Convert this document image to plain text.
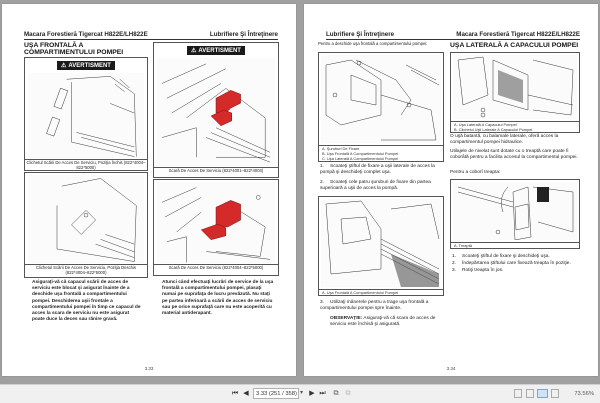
Macara Forestieră Tigercat H822E/LH822E	Lubrifiere Şi Întreţinere
UŞA FRONTALĂ A COMPARTIMENTULUI POMPEI
⚠ AVERTISMENT
Clichetul Scării De Acces De Serviciu, Poziţia Închis (822*4004–822*5000)
Clichetul Scării De Acces De Serviciu, Poziţia Deschis (822*4004–822*5000)
Asiguraţi-vă că capacul scării de acces de serviciu este blocat şi asigurat înainte de a deschide uşa frontală a compartimentului pompei. Deschiderea uşii frontale a compartimentului pompei în timp ce capacul de acces la scara de serviciu nu este asigurat poate duce la deces sau rănire gravă.
⚠ AVERTISMENT
Scară De Acces De Serviciu (822*4001–822*4003)
Scară De Acces De Serviciu (822*4004–822*5000)
Atunci când efectuaţi lucrări de service de la uşa frontală a compartimentului pompei, plasaţi numai pe suprafaţa de lucru prevăzută. Nu staţi pe partea inferioară a scării de acces de serviciu sau pe orice suprafaţă care nu este acoperită cu material antiderapant.
3.33
Lubrifiere Şi Întreţinere	Macara Forestieră Tigercat H822E/LH822E
Pentru a deschide uşa frontală a compartimentului pompei:
A. Şuruburi De Fixare
B. Uşa Frontală A Compartimentului Pompei
C. Uşa Laterală A Compartimentului Pompei
1. Scoateţi ştiftul de fixare a uşii laterale de acces la pompă şi deschideţi complet uşa.
2. Scoateţi cele patru şuruburi de fixare din partea superioară a uşii de acces la pompă.
A. Uşa Frontală A Compartimentului Pompei
3. Utilizaţi mânerele pentru a trage uşa frontală a compartimentului pompei spre înainte.
OBSERVAŢIE: Asiguraţi-vă că scara de acces de serviciu este închisă şi asigurată.
UŞA LATERALĂ A CAPACULUI POMPEI
A. Uşa Laterală A Capacului Pompei
B. Clichetul Uşii Laterale A Capacului Pompei
O uşă batantă, cu balamale laterale, oferă acces la compartimentul pompei hidraulice.
Utilajele de nivelat sunt dotate cu o treaptă care poate fi coborâtă pentru a facilita accesul la compartimentul pompei.
Pentru a coborî treapta:
A. Treaptă
1. Scoateţi ştiftul de fixare şi deschideţi uşa.
2. Îndepărtarea ştiftului care fixează treapta în poziţie.
3. Rotiţi treapta în jos.
3.34
⏮ ◀	3.33 (251 / 358) ▾ ▶ ⏭	⧉	⧉	73.56%
